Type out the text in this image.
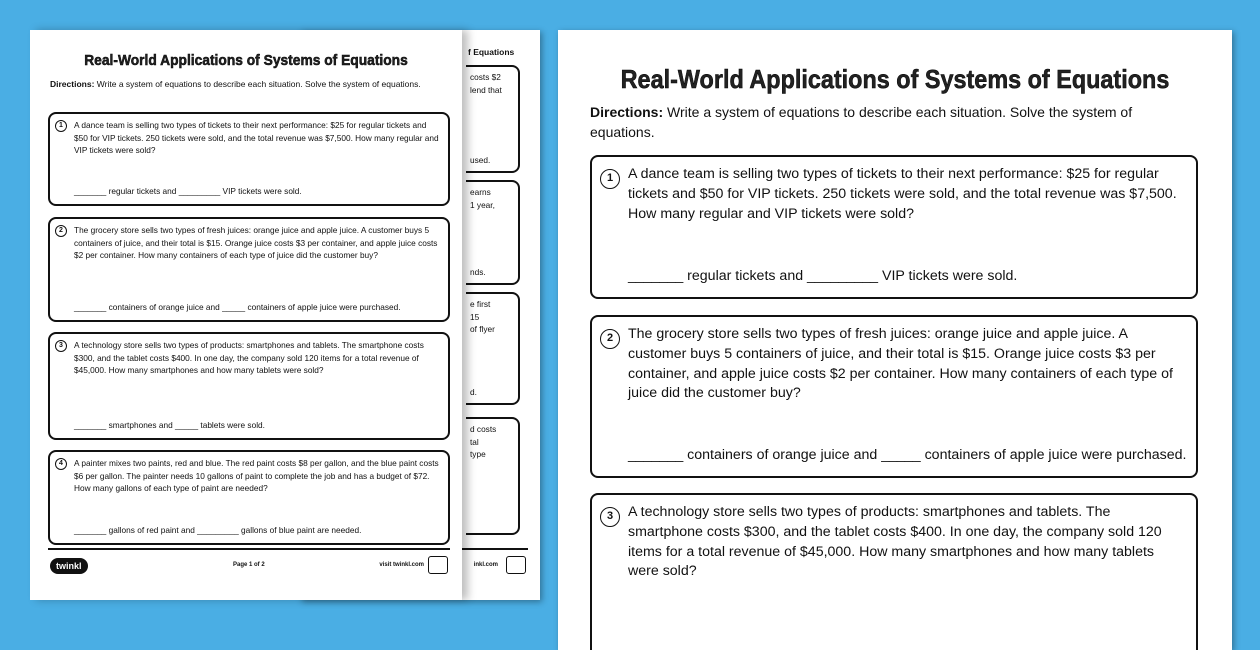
f Equations
costs $2
lend that
used.
earns
1 year,
nds.
e first
15
of flyer
d.
d costs
tal
type
inkl.com
Real-World Applications of Systems of Equations
Directions: Write a system of equations to describe each situation. Solve the system of equations.
1	A dance team is selling two types of tickets to their next performance: $25 for regular tickets and $50 for VIP tickets. 250 tickets were sold, and the total revenue was $7,500. How many regular and VIP tickets were sold?
_______ regular tickets and _________ VIP tickets were sold.
2	The grocery store sells two types of fresh juices: orange juice and apple juice. A customer buys 5 containers of juice, and their total is $15. Orange juice costs $3 per container, and apple juice costs $2 per container. How many containers of each type of juice did the customer buy?
_______ containers of orange juice and _____ containers of apple juice were purchased.
3	A technology store sells two types of products: smartphones and tablets. The smartphone costs $300, and the tablet costs $400. In one day, the company sold 120 items for a total revenue of $45,000. How many smartphones and how many tablets were sold?
_______ smartphones and _____ tablets were sold.
4	A painter mixes two paints, red and blue. The red paint costs $8 per gallon, and the blue paint costs $6 per gallon. The painter needs 10 gallons of paint to complete the job and has a budget of $72. How many gallons of each type of paint are needed?
_______ gallons of red paint and _________ gallons of blue paint are needed.
twinkl	Page 1 of 2	visit twinkl.com
Real-World Applications of Systems of Equations
Directions: Write a system of equations to describe each situation. Solve the system of equations.
1	A dance team is selling two types of tickets to their next performance: $25 for regular tickets and $50 for VIP tickets. 250 tickets were sold, and the total revenue was $7,500. How many regular and VIP tickets were sold?
_______ regular tickets and _________ VIP tickets were sold.
2	The grocery store sells two types of fresh juices: orange juice and apple juice. A customer buys 5 containers of juice, and their total is $15. Orange juice costs $3 per container, and apple juice costs $2 per container. How many containers of each type of juice did the customer buy?
_______ containers of orange juice and _____ containers of apple juice were purchased.
3	A technology store sells two types of products: smartphones and tablets. The smartphone costs $300, and the tablet costs $400. In one day, the company sold 120 items for a total revenue of $45,000. How many smartphones and how many tablets were sold?
